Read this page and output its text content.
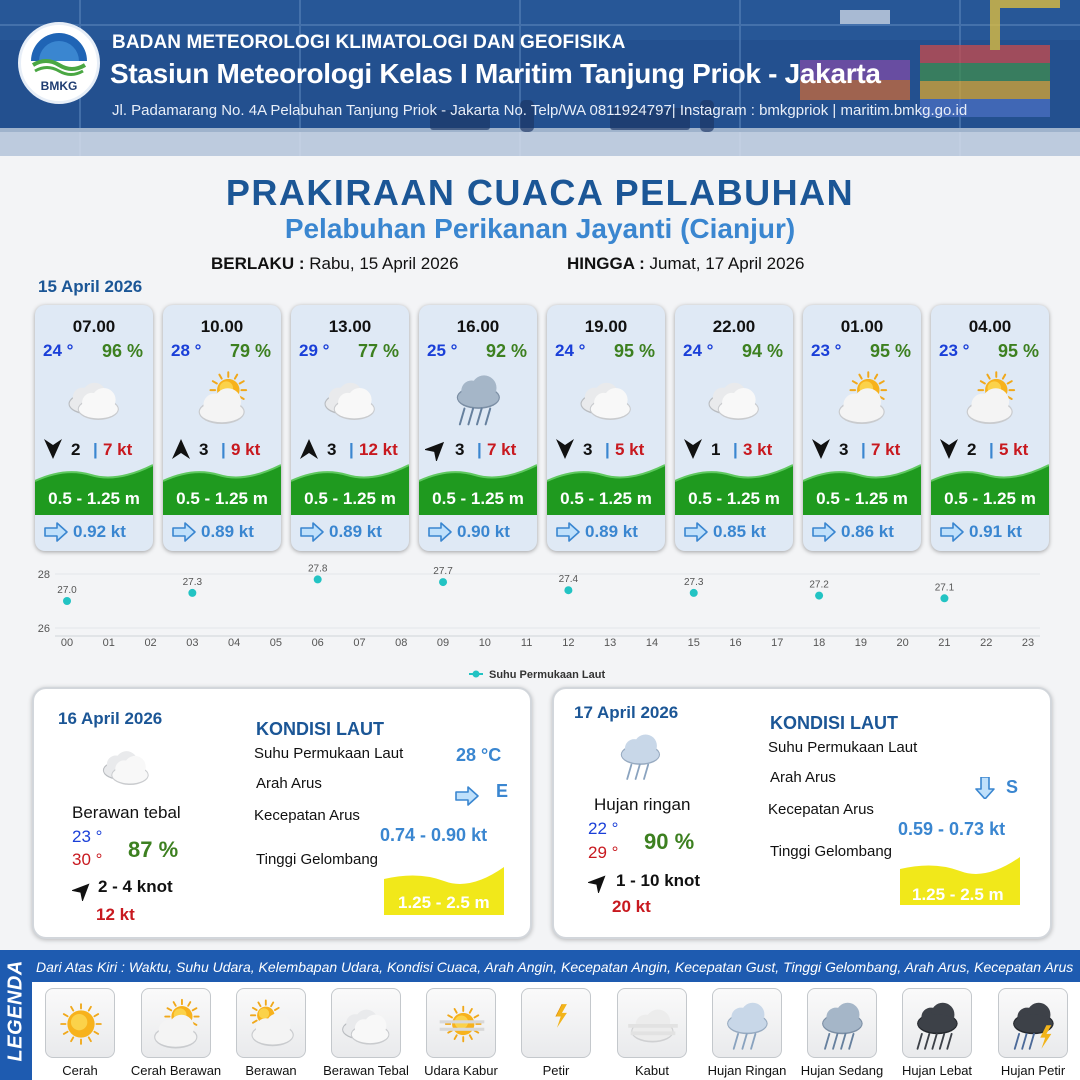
BMKG
BADAN METEOROLOGI KLIMATOLOGI DAN GEOFISIKA
Stasiun Meteorologi Kelas I Maritim Tanjung Priok - Jakarta
Jl. Padamarang No. 4A Pelabuhan Tanjung Priok - Jakarta No. Telp/WA 0811924797| Instagram : bmkgpriok | maritim.bmkg.go.id
PRAKIRAAN CUACA PELABUHAN
Pelabuhan Perikanan Jayanti (Cianjur)
BERLAKU : Rabu, 15 April 2026	HINGGA : Jumat, 17 April 2026
15 April 2026
07.00
24 ° 96 %
2 | 7 kt
0.5 - 1.25 m
0.92 kt
10.00
28 ° 79 %
3 | 9 kt
0.5 - 1.25 m
0.89 kt
13.00
29 ° 77 %
3 | 12 kt
0.5 - 1.25 m
0.89 kt
16.00
25 ° 92 %
3 | 7 kt
0.5 - 1.25 m
0.90 kt
19.00
24 ° 95 %
3 | 5 kt
0.5 - 1.25 m
0.89 kt
22.00
24 ° 94 %
1 | 3 kt
0.5 - 1.25 m
0.85 kt
01.00
23 ° 95 %
3 | 7 kt
0.5 - 1.25 m
0.86 kt
04.00
23 ° 95 %
2 | 5 kt
0.5 - 1.25 m
0.91 kt
28
26
00	01	02	03	04	05	06	07	08	09	10	11	12	13	14	15	16	17	18	19	20	21	22	23
27.0
27.3
27.8	27.7
27.4	27.3	27.2	27.1
Suhu Permukaan Laut
16 April 2026
Berawan tebal
23 °
30 ° 87 %
2 - 4 knot
12 kt
KONDISI LAUT
Suhu Permukaan Laut	28 °C
Arah Arus	E
Kecepatan Arus
0.74 - 0.90 kt
Tinggi Gelombang
1.25 - 2.5 m
17 April 2026
Hujan ringan
22 °
29 ° 90 %
1 - 10 knot
20 kt
KONDISI LAUT
Suhu Permukaan Laut
Arah Arus	S
Kecepatan Arus
0.59 - 0.73 kt
Tinggi Gelombang
1.25 - 2.5 m
LEGENDA Dari Atas Kiri : Waktu, Suhu Udara, Kelembapan Udara, Kondisi Cuaca, Arah Angin, Kecepatan Angin, Kecepatan Gust, Tinggi Gelombang, Arah Arus, Kecepatan Arus
Cerah	Cerah Berawan	Berawan	Berawan Tebal	Udara Kabur	Petir	Kabut	Hujan Ringan	Hujan Sedang	Hujan Lebat	Hujan Petir
